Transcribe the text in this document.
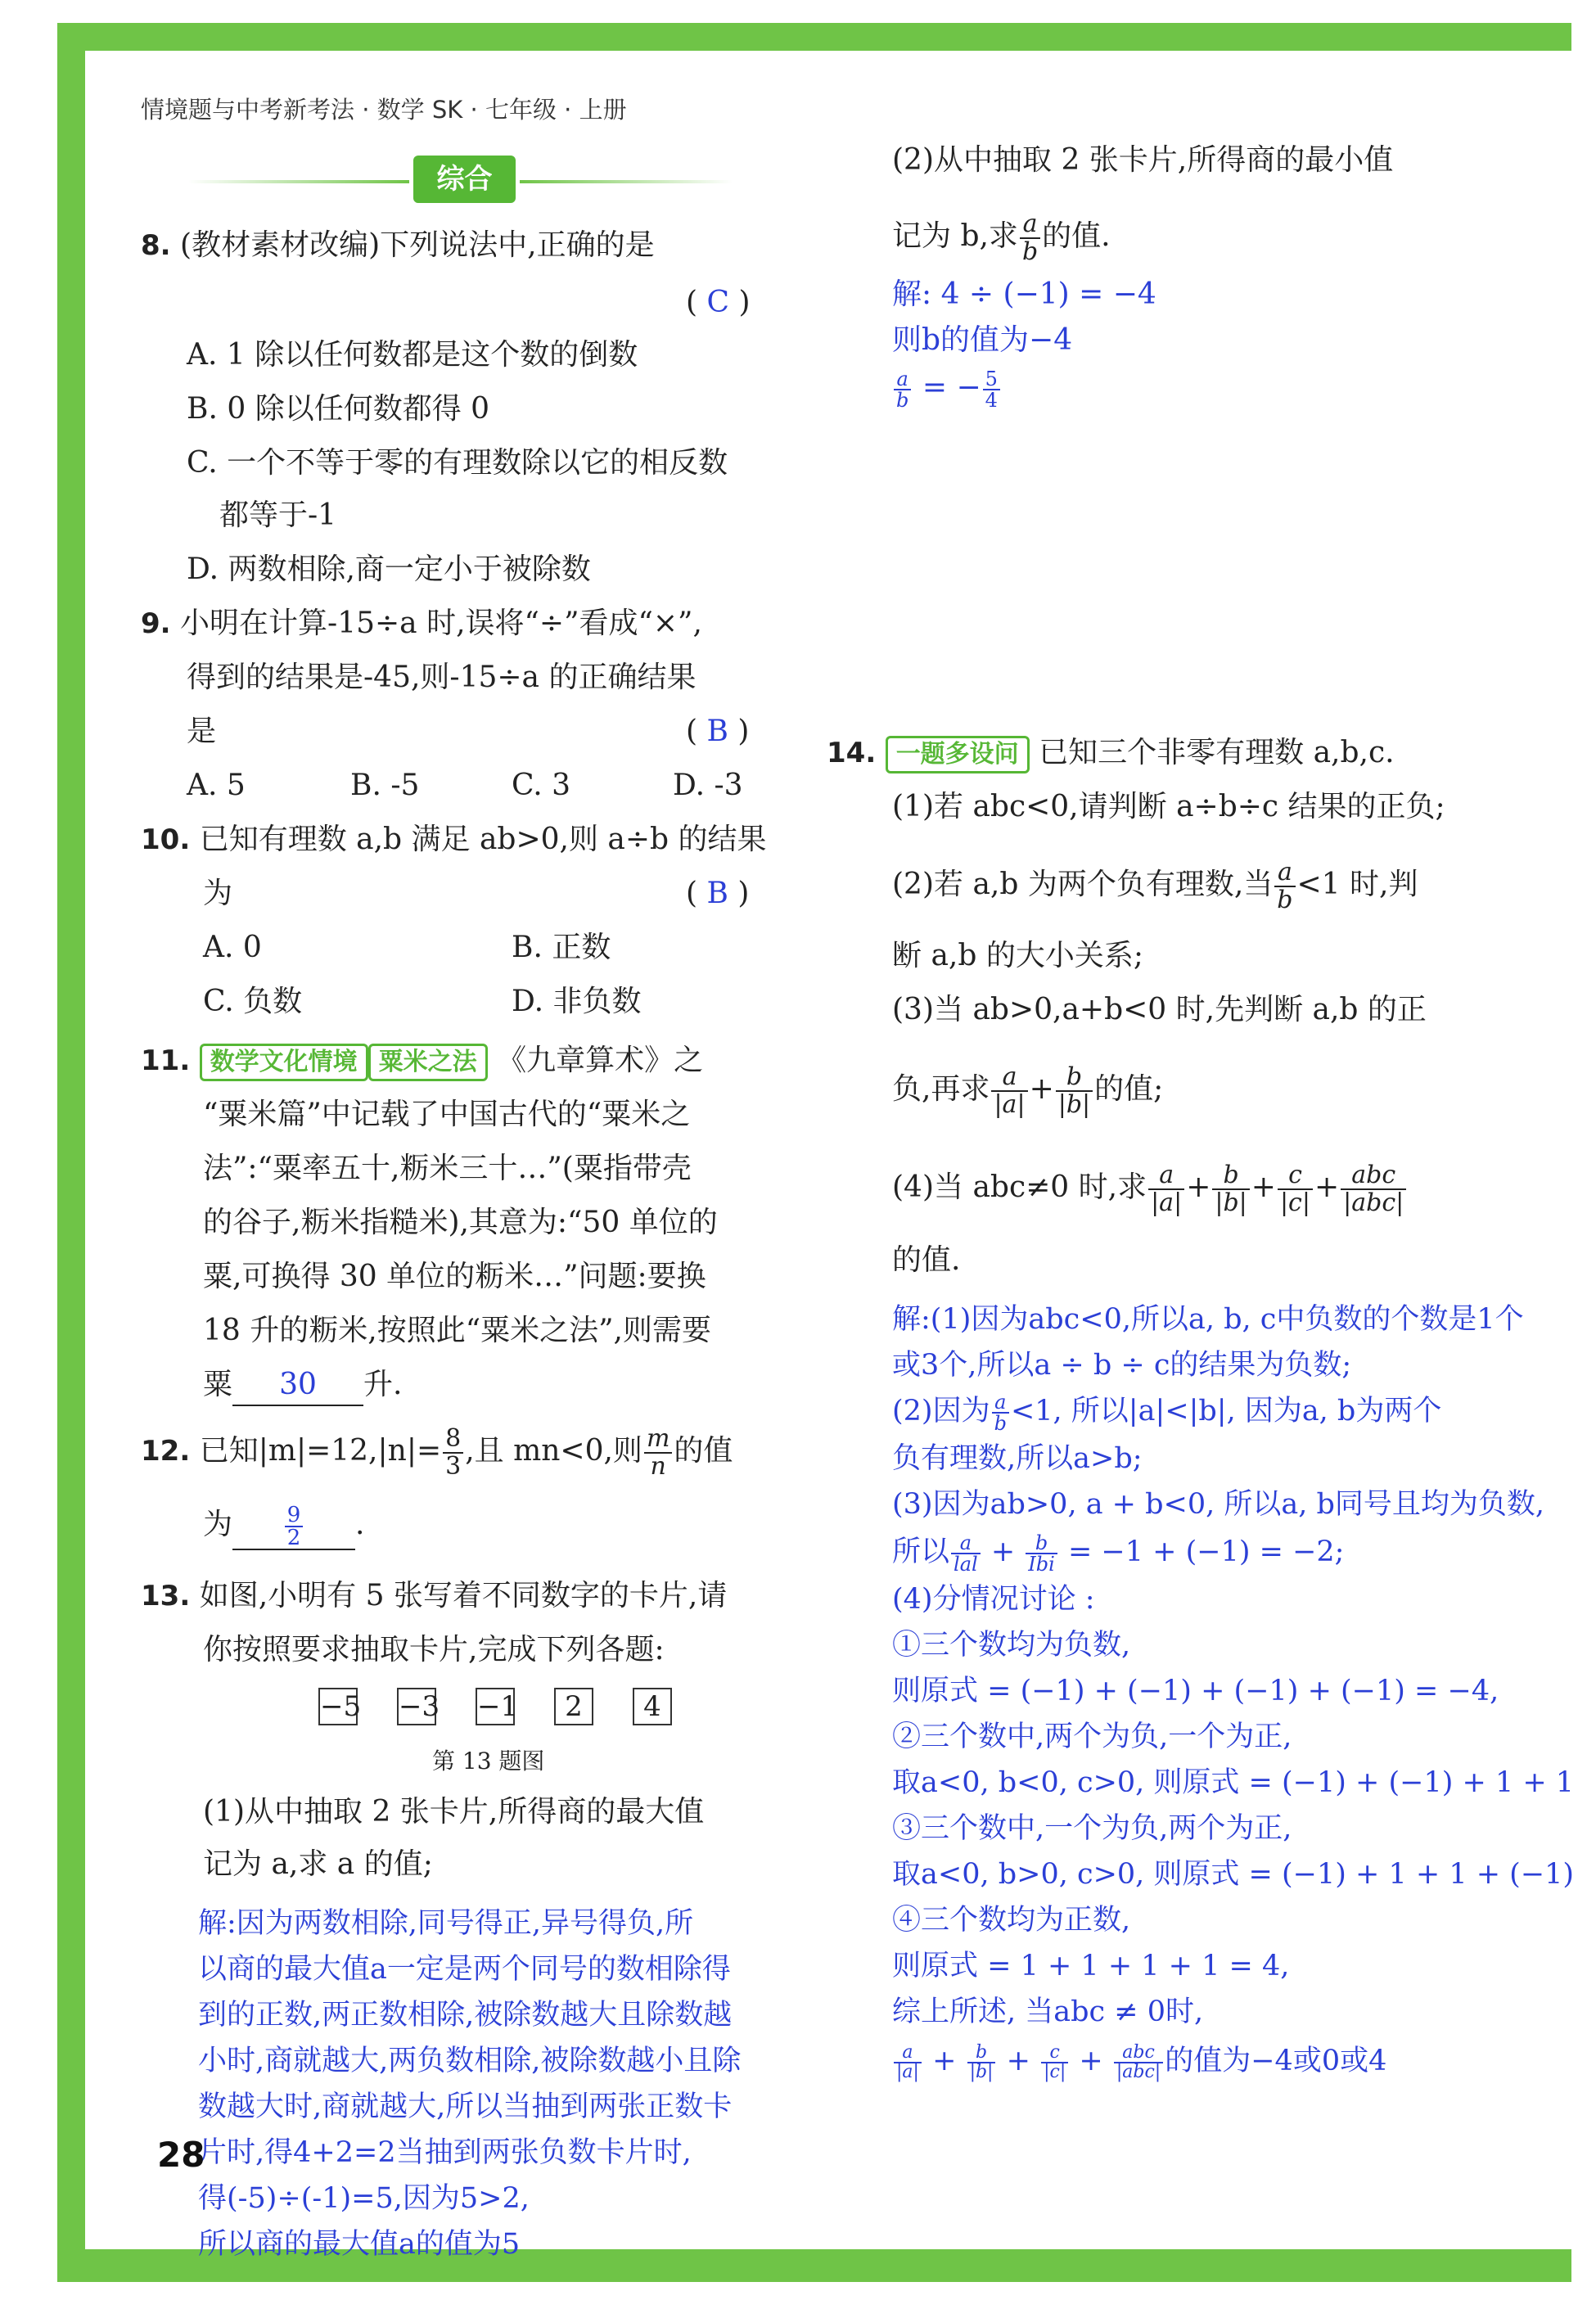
情境题与中考新考法 · 数学 SK · 七年级 · 上册
综合
8. (教材素材改编)下列说法中,正确的是
( C )
A. 1 除以任何数都是这个数的倒数
B. 0 除以任何数都得 0
C. 一个不等于零的有理数除以它的相反数
都等于-1
D. 两数相除,商一定小于被除数
9. 小明在计算-15÷a 时,误将“÷”看成“×”,
得到的结果是-45,则-15÷a 的正确结果
是	( B )
A. 5	B. -5	C. 3	D. -3
10. 已知有理数 a,b 满足 ab>0,则 a÷b 的结果
为	( B )
A. 0	B. 正数
C. 负数	D. 非负数
11. 数学文化情境 粟米之法 《九章算术》之
“粟米篇”中记载了中国古代的“粟米之
法”:“粟率五十,粝米三十…”(粟指带壳
的谷子,粝米指糙米),其意为:“50 单位的
粟,可换得 30 单位的粝米…”问题:要换
18 升的粝米,按照此“粟米之法”,则需要
粟 30 升.
12. 已知$|m|=12,|n|= \frac{8}{3}$ ,且 mn<0,则 $\frac{m}{n}$ 的值
为 $\frac{9}{2}$ .
13. 如图,小明有 5 张写着不同数字的卡片,请
你按照要求抽取卡片,完成下列各题:
−5 −3 −1	2	4
第 13 题图
(1)从中抽取 2 张卡片,所得商的最大值
记为 a,求 a 的值;
解:因为两数相除,同号得正,异号得负,所
以商的最大值a一定是两个同号的数相除得
到的正数,两正数相除,被除数越大且除数越
小时,商就越大,两负数相除,被除数越小且除
数越大时,商就越大,所以当抽到两张正数卡
片时,得4+2=2当抽到两张负数卡片时,
得(-5)÷(-1)=5,因为5>2,
所以商的最大值a的值为5
28
(2)从中抽取 2 张卡片,所得商的最小值
记为 b,求 $\frac{a}{b}$ 的值.
解: 4 ÷ (−1) = −4
则b的值为−4
$\frac{a}{b}$ = − $\frac{5}{4}$
14. 一题多设问 已知三个非零有理数 a,b,c.
(1)若 abc<0,请判断 a÷b÷c 结果的正负;
(2)若 a,b 为两个负有理数,当 $\frac{a}{b} <1$ 时,判
断 a,b 的大小关系;
(3)当 ab>0,a+b<0 时,先判断 a,b 的正
负,再求 $\frac{a}{|a|} + \frac{b}{|b|}$ 的值;
(4)当 abc≠0 时,求 $\frac{a}{|a|} + \frac{b}{|b|} + \frac{c}{|c|} + \frac{\text{abc}}{\text{|abc|}}$
的值.
解:(1)因为abc<0,所以a, b, c中负数的个数是1个
或3个,所以a ÷ b ÷ c的结果为负数;
(2)因为 $\frac{a}{b} <1$, 所以|a|<|b|, 因为a, b为两个
负有理数,所以a>b;
(3)因为ab>0, a + b<0, 所以a, b同号且均为负数,
所以 $\frac{a}{\text{lal}} + \frac{b}{\text{Ibi}} = -1 + (-1) = -2$;
(4)分情况讨论 :
①三个数均为负数,
则原式 = (−1) + (−1) + (−1) + (−1) = −4,
②三个数中,两个为负,一个为正,
取a<0, b<0, c>0, 则原式 = (−1) + (−1) + 1 + 1
③三个数中,一个为负,两个为正,
取a<0, b>0, c>0, 则原式 = (−1) + 1 + 1 + (−1)
④三个数均为正数,
则原式 = 1 + 1 + 1 + 1 = 4,
综上所述, 当abc ≠ 0时,
$\frac{a}{|a|} + \frac{b}{|b|} + \frac{c}{|c|} + \frac{\text{abc}}{\text{|abc|}}$ 的值为−4或0或4
